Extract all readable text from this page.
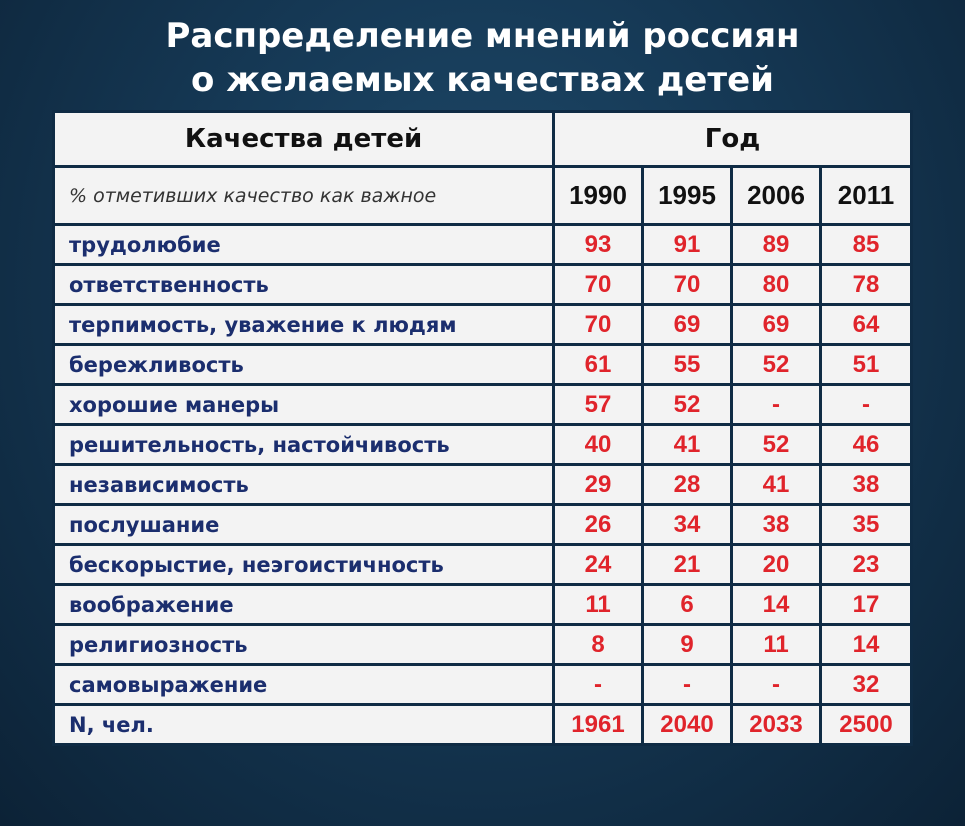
Распределение мнений россиян
о желаемых качествах детей
Качества детей	Год			
% отметивших качество как важное	1990	1995	2006	2011
трудолюбие	93	91	89	85
ответственность	70	70	80	78
терпимость, уважение к людям	70	69	69	64
бережливость	61	55	52	51
хорошие манеры	57	52	-	-
решительность, настойчивость	40	41	52	46
независимость	29	28	41	38
послушание	26	34	38	35
бескорыстие, неэгоистичность	24	21	20	23
воображение	11	6	14	17
религиозность	8	9	11	14
самовыражение	-	-	-	32
N, чел.	1961	2040	2033	2500
